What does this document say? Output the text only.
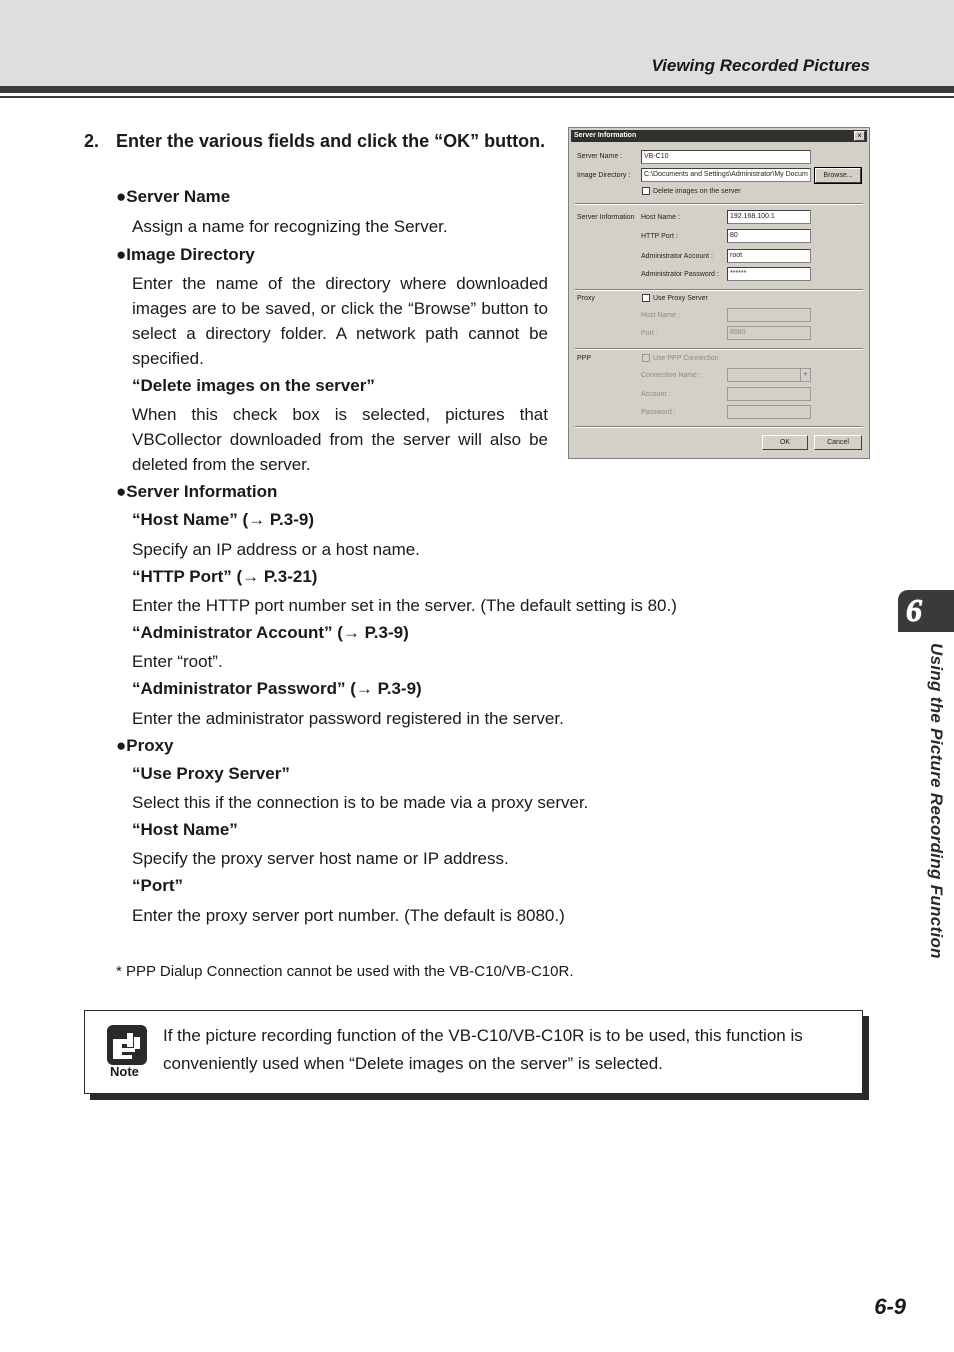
Viewing Recorded Pictures
6
Using the Picture Recording Function
2. Enter the various fields and click the “OK” button.
●Server Name
Assign a name for recognizing the Server.
●Image Directory
Enter the name of the directory where downloaded images are to be saved, or click the “Browse” button to select a directory folder. A network path cannot be specified.
“Delete images on the server”
When this check box is selected, pictures that VBCollector downloaded from the server will also be deleted from the server.
●Server Information
“Host Name” (→ P.3-9)
Specify an IP address or a host name.
“HTTP Port” (→ P.3-21)
Enter the HTTP port number set in the server. (The default setting is 80.)
“Administrator Account” (→ P.3-9)
Enter “root”.
“Administrator Password” (→ P.3-9)
Enter the administrator password registered in the server.
●Proxy
“Use Proxy Server”
Select this if the connection is to be made via a proxy server.
“Host Name”
Specify the proxy server host name or IP address.
“Port”
Enter the proxy server port number. (The default is 8080.)
Server Information	×
Server Name :	VB-C10
Image Directory :	C:\Documents and Settings\Administrator\My Docum	Browse...
Delete images on the server
Server Information Host Name :	192.168.100.1
HTTP Port :	80
Administrator Account :	root
Administrator Password :	******
Proxy	Use Proxy Server
Host Name :
Port :	8080
PPP	Use PPP Connection
Connection Name :	▼
Account :
Password :
OK	Cancel
* PPP Dialup Connection cannot be used with the VB-C10/VB-C10R.
Note
If the picture recording function of the VB-C10/VB-C10R is to be used, this function is conveniently used when “Delete images on the server” is selected.
6-9
